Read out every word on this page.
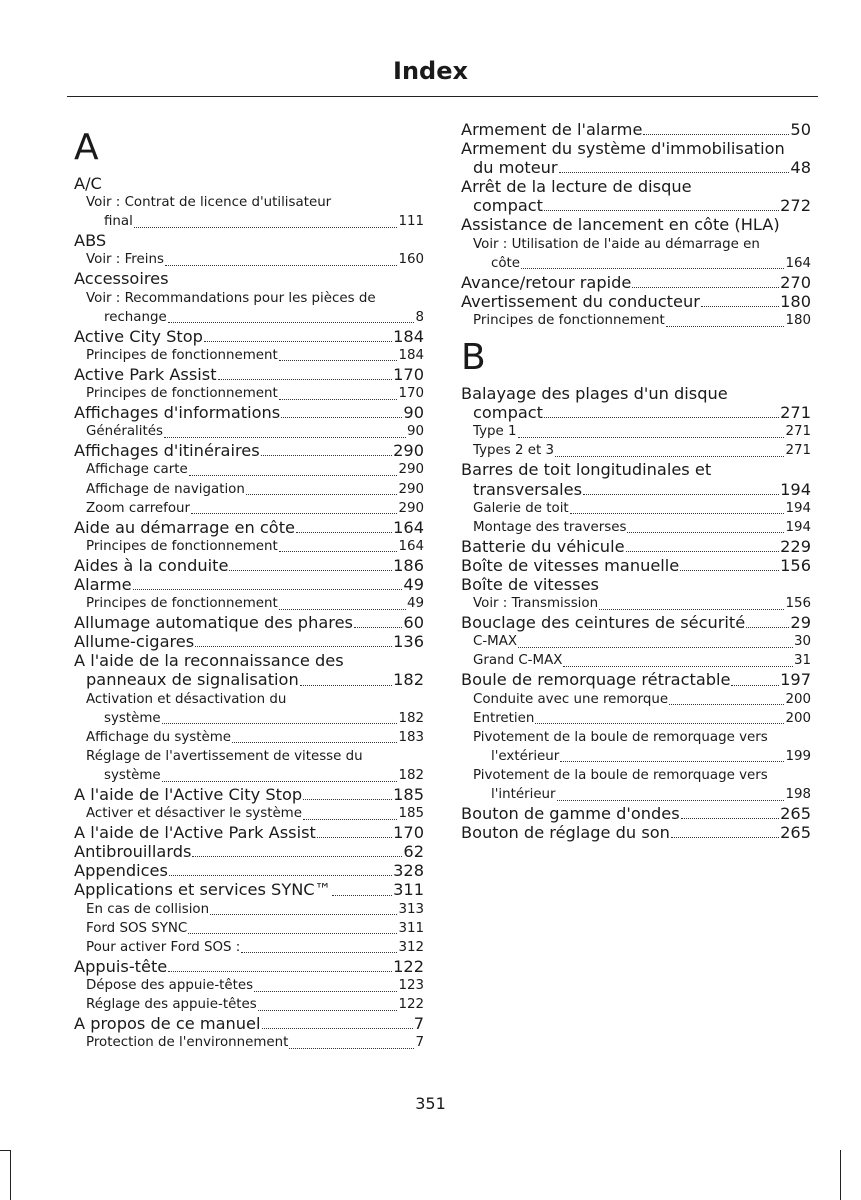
Index
A
A/C
Voir : Contrat de licence d'utilisateur
final	111
ABS
Voir : Freins	160
Accessoires
Voir : Recommandations pour les pièces de
rechange	8
Active City Stop	184
Principes de fonctionnement	184
Active Park Assist	170
Principes de fonctionnement	170
Affichages d'informations	90
Généralités	90
Affichages d'itinéraires	290
Affichage carte	290
Affichage de navigation	290
Zoom carrefour	290
Aide au démarrage en côte	164
Principes de fonctionnement	164
Aides à la conduite	186
Alarme	49
Principes de fonctionnement	49
Allumage automatique des phares	60
Allume-cigares	136
A l'aide de la reconnaissance des
panneaux de signalisation	182
Activation et désactivation du
système	182
Affichage du système	183
Réglage de l'avertissement de vitesse du
système	182
A l'aide de l'Active City Stop	185
Activer et désactiver le système	185
A l'aide de l'Active Park Assist	170
Antibrouillards	62
Appendices	328
Applications et services SYNC™	311
En cas de collision	313
Ford SOS SYNC	311
Pour activer Ford SOS :	312
Appuis-tête	122
Dépose des appuie-têtes	123
Réglage des appuie-têtes	122
A propos de ce manuel	7
Protection de l'environnement	7
Armement de l'alarme	50
Armement du système d'immobilisation
du moteur	48
Arrêt de la lecture de disque
compact	272
Assistance de lancement en côte (HLA)
Voir : Utilisation de l'aide au démarrage en
côte	164
Avance/retour rapide	270
Avertissement du conducteur	180
Principes de fonctionnement	180
B
Balayage des plages d'un disque
compact	271
Type 1	271
Types 2 et 3	271
Barres de toit longitudinales et
transversales	194
Galerie de toit	194
Montage des traverses	194
Batterie du véhicule	229
Boîte de vitesses manuelle	156
Boîte de vitesses
Voir : Transmission	156
Bouclage des ceintures de sécurité	29
C-MAX	30
Grand C-MAX	31
Boule de remorquage rétractable	197
Conduite avec une remorque	200
Entretien	200
Pivotement de la boule de remorquage vers
l'extérieur	199
Pivotement de la boule de remorquage vers
l'intérieur	198
Bouton de gamme d'ondes	265
Bouton de réglage du son	265
351
